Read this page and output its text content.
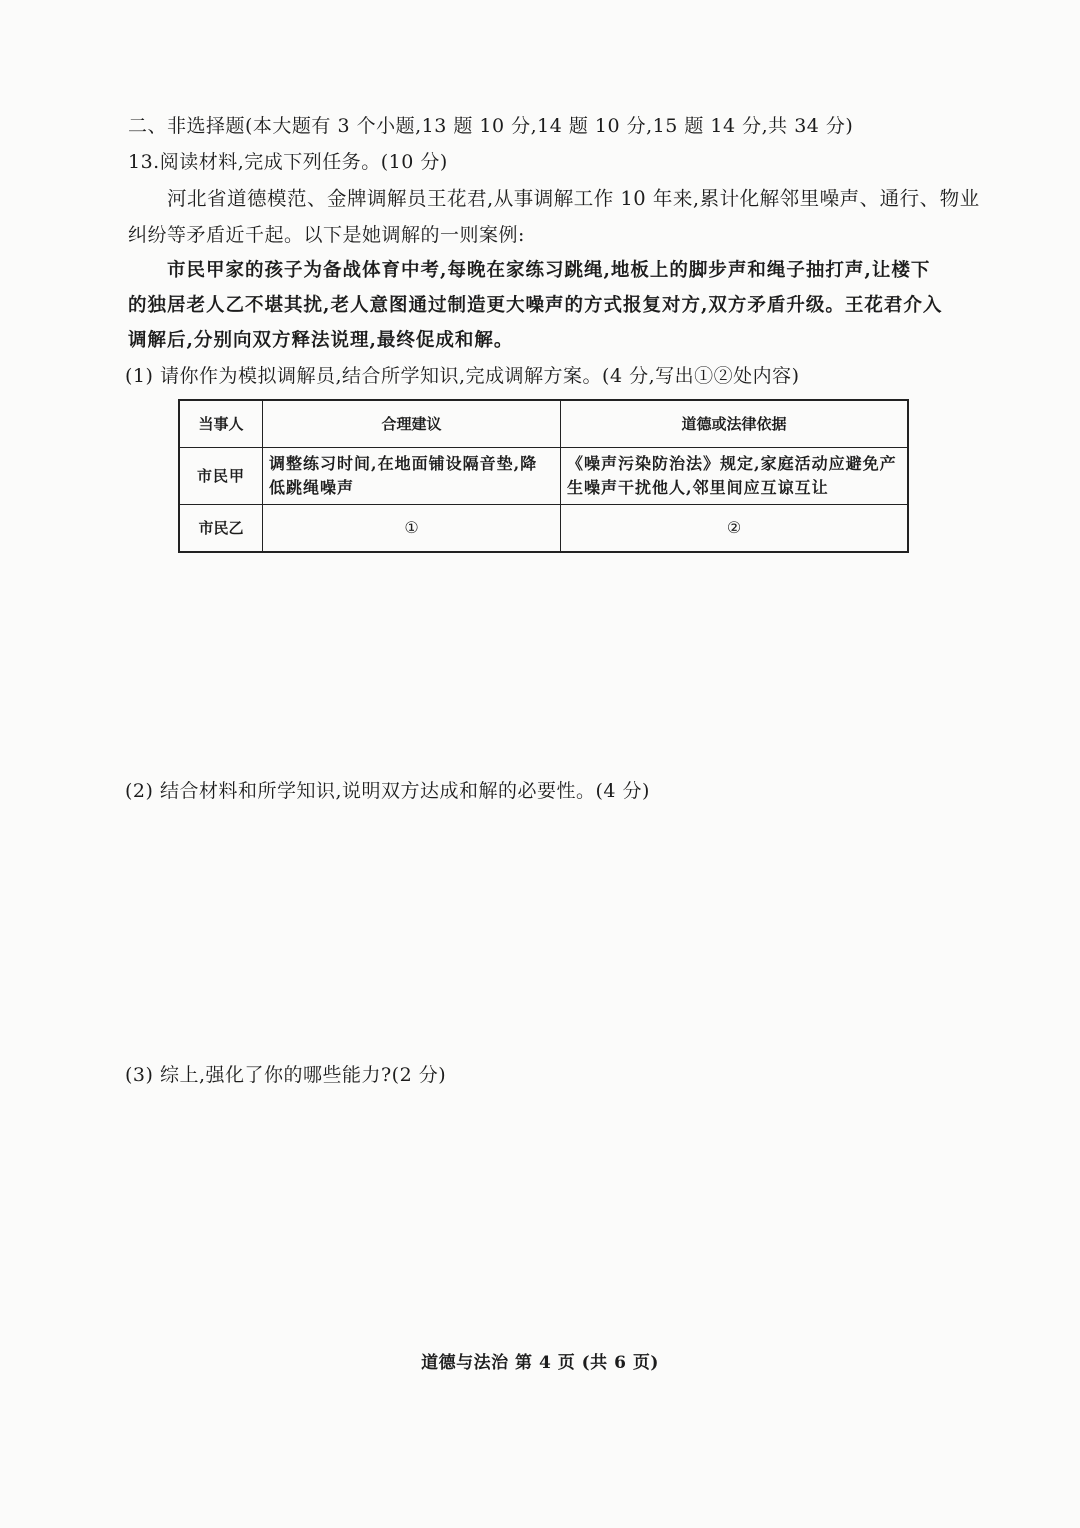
二、非选择题(本大题有 3 个小题,13 题 10 分,14 题 10 分,15 题 14 分,共 34 分)
13.阅读材料,完成下列任务。(10 分)
河北省道德模范、金牌调解员王花君,从事调解工作 10 年来,累计化解邻里噪声、通行、物业
纠纷等矛盾近千起。以下是她调解的一则案例:
市民甲家的孩子为备战体育中考,每晚在家练习跳绳,地板上的脚步声和绳子抽打声,让楼下
的独居老人乙不堪其扰,老人意图通过制造更大噪声的方式报复对方,双方矛盾升级。王花君介入
调解后,分别向双方释法说理,最终促成和解。
(1) 请你作为模拟调解员,结合所学知识,完成调解方案。(4 分,写出①②处内容)
当事人	合理建议	道德或法律依据
市民甲	调整练习时间,在地面铺设隔音垫,降低跳绳噪声	《噪声污染防治法》规定,家庭活动应避免产生噪声干扰他人,邻里间应互谅互让
市民乙	①	②
(2) 结合材料和所学知识,说明双方达成和解的必要性。(4 分)
(3) 综上,强化了你的哪些能力?(2 分)
道德与法治 第 4 页 (共 6 页)
